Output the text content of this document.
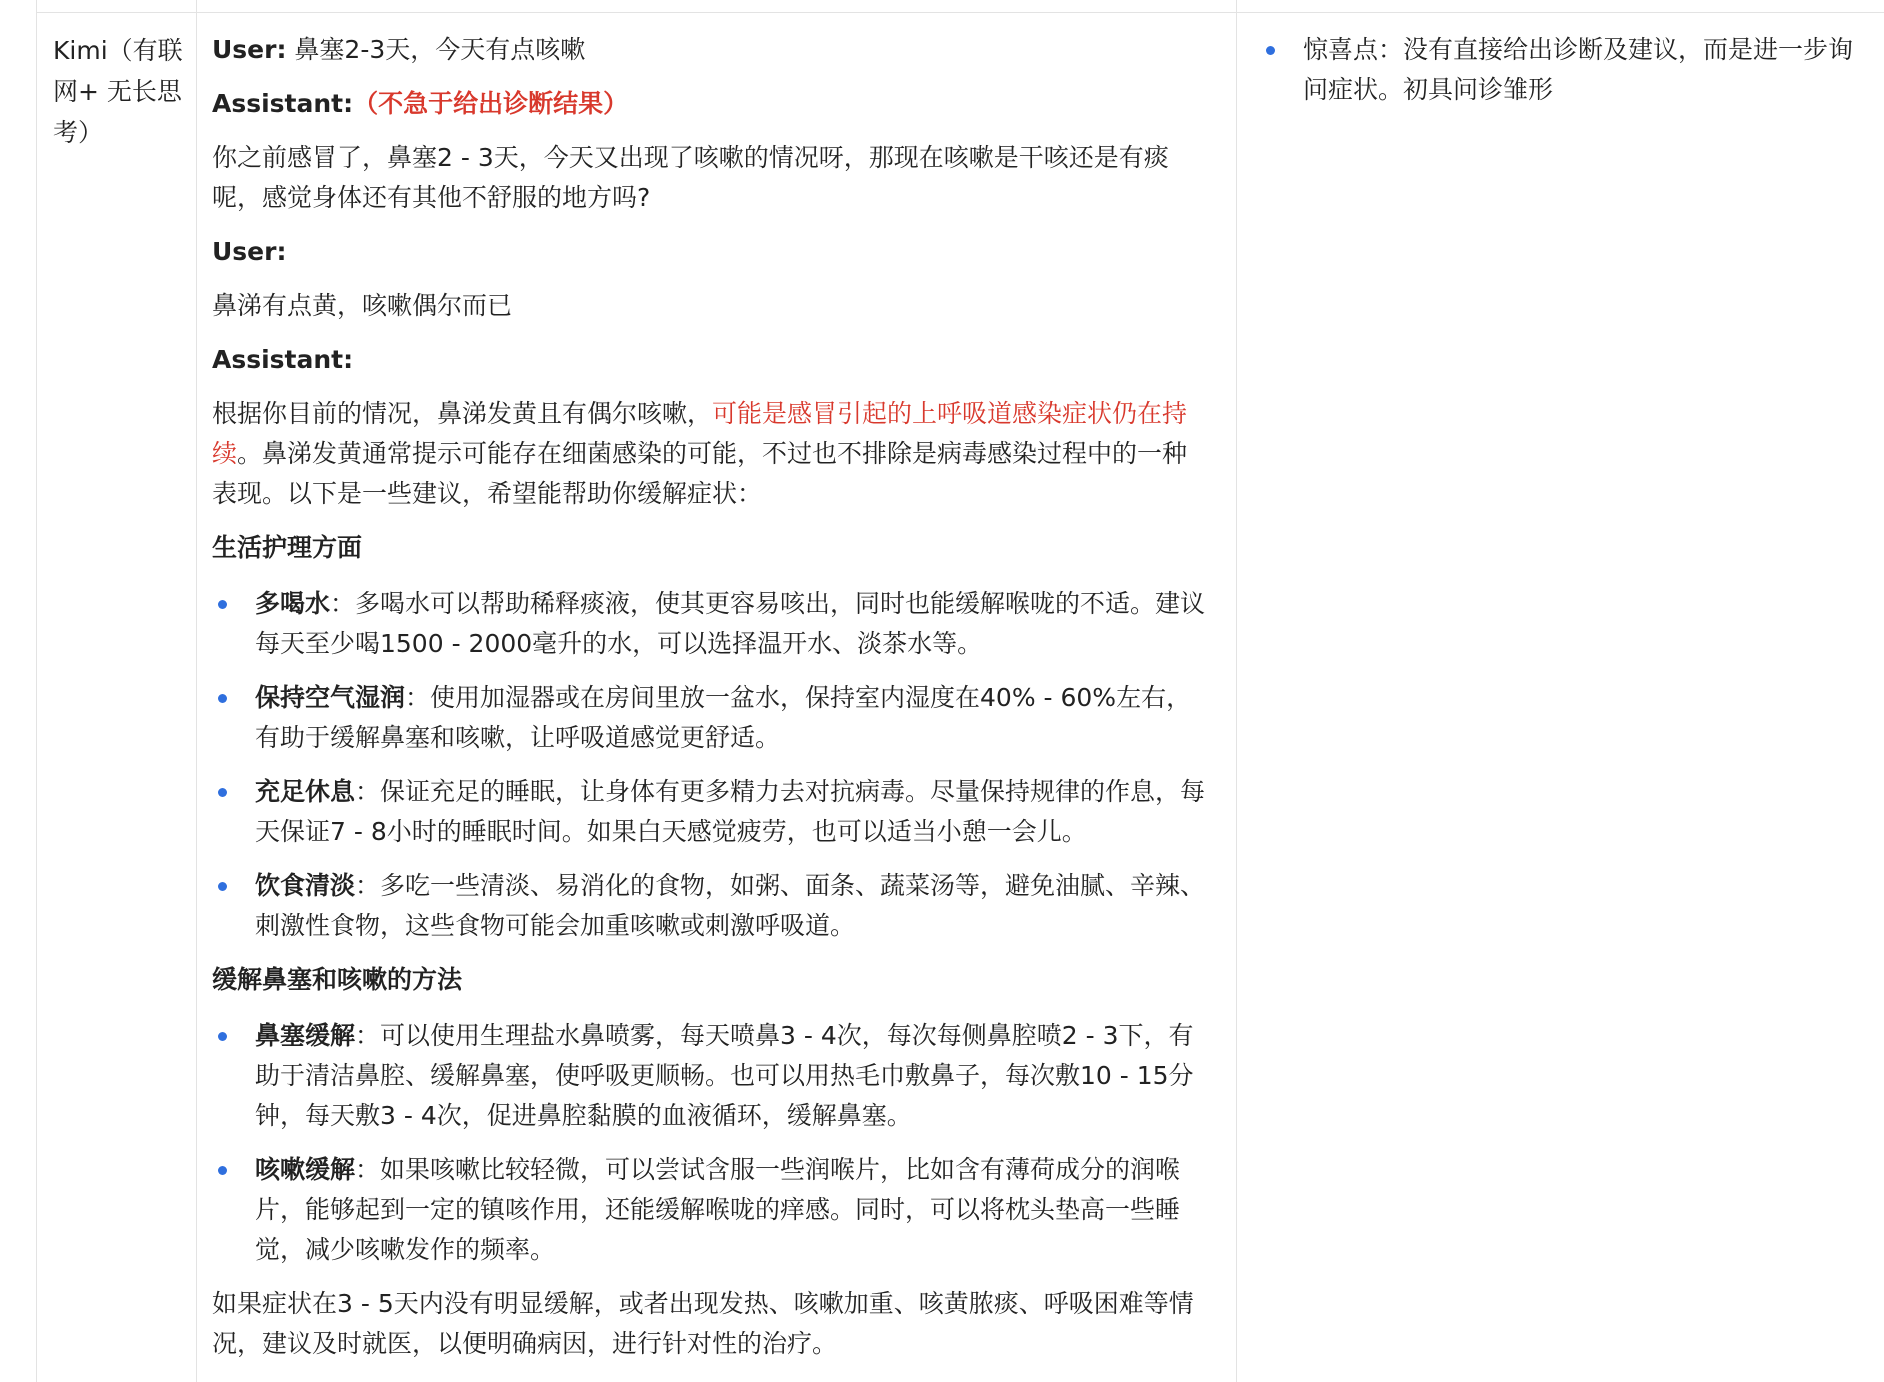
Kimi（有联网+ 无长思考）

User: 鼻塞2-3天，今天有点咳嗽

Assistant:（不急于给出诊断结果）

你之前感冒了，鼻塞2 - 3天，今天又出现了咳嗽的情况呀，那现在咳嗽是干咳还是有痰呢，感觉身体还有其他不舒服的地方吗?

User:

鼻涕有点黄，咳嗽偶尔而已

Assistant:

根据你目前的情况，鼻涕发黄且有偶尔咳嗽，可能是感冒引起的上呼吸道感染症状仍在持续。鼻涕发黄通常提示可能存在细菌感染的可能，不过也不排除是病毒感染过程中的一种表现。以下是一些建议，希望能帮助你缓解症状：

生活护理方面

多喝水：多喝水可以帮助稀释痰液，使其更容易咳出，同时也能缓解喉咙的不适。建议每天至少喝1500 - 2000毫升的水，可以选择温开水、淡茶水等。
保持空气湿润：使用加湿器或在房间里放一盆水，保持室内湿度在40% - 60%左右，有助于缓解鼻塞和咳嗽，让呼吸道感觉更舒适。
充足休息：保证充足的睡眠，让身体有更多精力去对抗病毒。尽量保持规律的作息，每天保证7 - 8小时的睡眠时间。如果白天感觉疲劳，也可以适当小憩一会儿。
饮食清淡：多吃一些清淡、易消化的食物，如粥、面条、蔬菜汤等，避免油腻、辛辣、刺激性食物，这些食物可能会加重咳嗽或刺激呼吸道。

缓解鼻塞和咳嗽的方法

鼻塞缓解：可以使用生理盐水鼻喷雾，每天喷鼻3 - 4次，每次每侧鼻腔喷2 - 3下，有助于清洁鼻腔、缓解鼻塞，使呼吸更顺畅。也可以用热毛巾敷鼻子，每次敷10 - 15分钟，每天敷3 - 4次，促进鼻腔黏膜的血液循环，缓解鼻塞。
咳嗽缓解：如果咳嗽比较轻微，可以尝试含服一些润喉片，比如含有薄荷成分的润喉片，能够起到一定的镇咳作用，还能缓解喉咙的痒感。同时，可以将枕头垫高一些睡觉，减少咳嗽发作的频率。

如果症状在3 - 5天内没有明显缓解，或者出现发热、咳嗽加重、咳黄脓痰、呼吸困难等情况，建议及时就医，以便明确病因，进行针对性的治疗。

惊喜点：没有直接给出诊断及建议，而是进一步询问症状。初具问诊雏形
